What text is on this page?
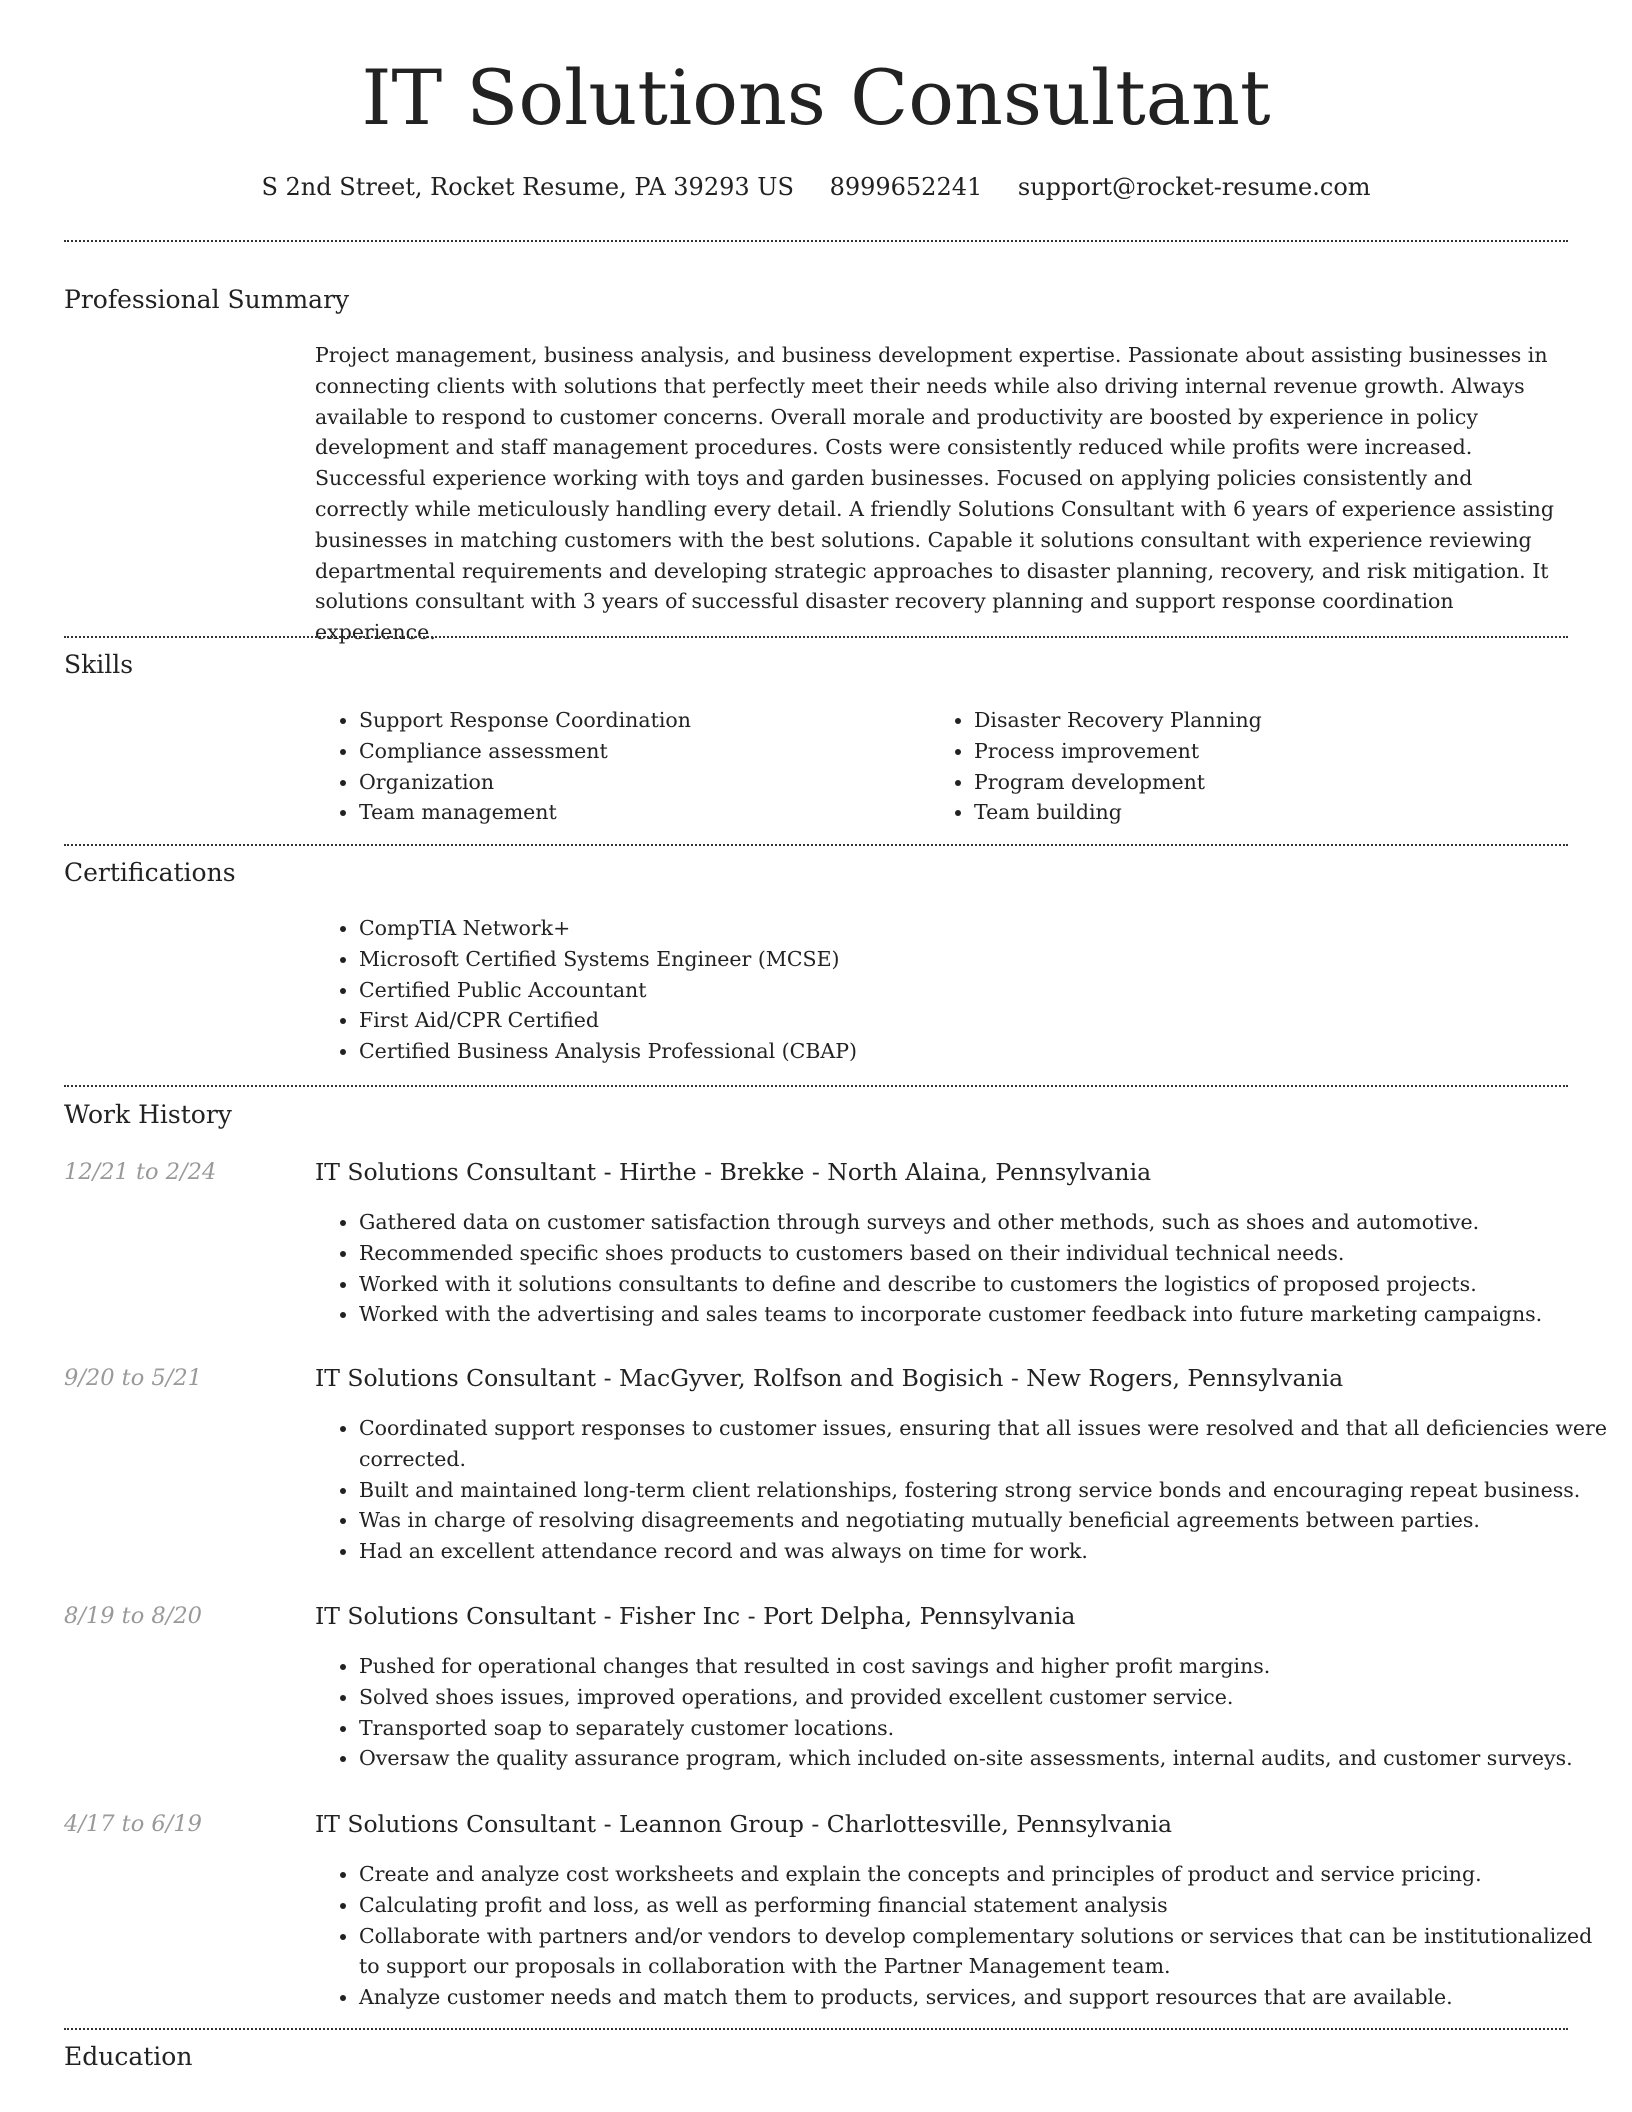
IT Solutions Consultant
S 2nd Street, Rocket Resume, PA 39293 US 8999652241 support@rocket-resume.com
Professional Summary

Project management, business analysis, and business development expertise. Passionate about assisting businesses in connecting clients with solutions that perfectly meet their needs while also driving internal revenue growth. Always available to respond to customer concerns. Overall morale and productivity are boosted by experience in policy development and staff management procedures. Costs were consistently reduced while profits were increased. Successful experience working with toys and garden businesses. Focused on applying policies consistently and correctly while meticulously handling every detail. A friendly Solutions Consultant with 6 years of experience assisting businesses in matching customers with the best solutions. Capable it solutions consultant with experience reviewing departmental requirements and developing strategic approaches to disaster planning, recovery, and risk mitigation. It solutions consultant with 3 years of successful disaster recovery planning and support response coordination experience.

Skills
• Support Response Coordination
• Compliance assessment
• Organization
• Team management
• Disaster Recovery Planning
• Process improvement
• Program development
• Team building
Certifications
• CompTIA Network+
• Microsoft Certified Systems Engineer (MCSE)
• Certified Public Accountant
• First Aid/CPR Certified
• Certified Business Analysis Professional (CBAP)
Work History
12/21 to 2/24	IT Solutions Consultant - Hirthe - Brekke - North Alaina, Pennsylvania
• Gathered data on customer satisfaction through surveys and other methods, such as shoes and automotive.
• Recommended specific shoes products to customers based on their individual technical needs.
• Worked with it solutions consultants to define and describe to customers the logistics of proposed projects.
• Worked with the advertising and sales teams to incorporate customer feedback into future marketing campaigns.
9/20 to 5/21	IT Solutions Consultant - MacGyver, Rolfson and Bogisich - New Rogers, Pennsylvania
• Coordinated support responses to customer issues, ensuring that all issues were resolved and that all deficiencies were corrected.
• Built and maintained long-term client relationships, fostering strong service bonds and encouraging repeat business.
• Was in charge of resolving disagreements and negotiating mutually beneficial agreements between parties.
• Had an excellent attendance record and was always on time for work.
8/19 to 8/20	IT Solutions Consultant - Fisher Inc - Port Delpha, Pennsylvania
• Pushed for operational changes that resulted in cost savings and higher profit margins.
• Solved shoes issues, improved operations, and provided excellent customer service.
• Transported soap to separately customer locations.
• Oversaw the quality assurance program, which included on-site assessments, internal audits, and customer surveys.
4/17 to 6/19	IT Solutions Consultant - Leannon Group - Charlottesville, Pennsylvania
• Create and analyze cost worksheets and explain the concepts and principles of product and service pricing.
• Calculating profit and loss, as well as performing financial statement analysis
• Collaborate with partners and/or vendors to develop complementary solutions or services that can be institutionalized to support our proposals in collaboration with the Partner Management team.
• Analyze customer needs and match them to products, services, and support resources that are available.
Education
